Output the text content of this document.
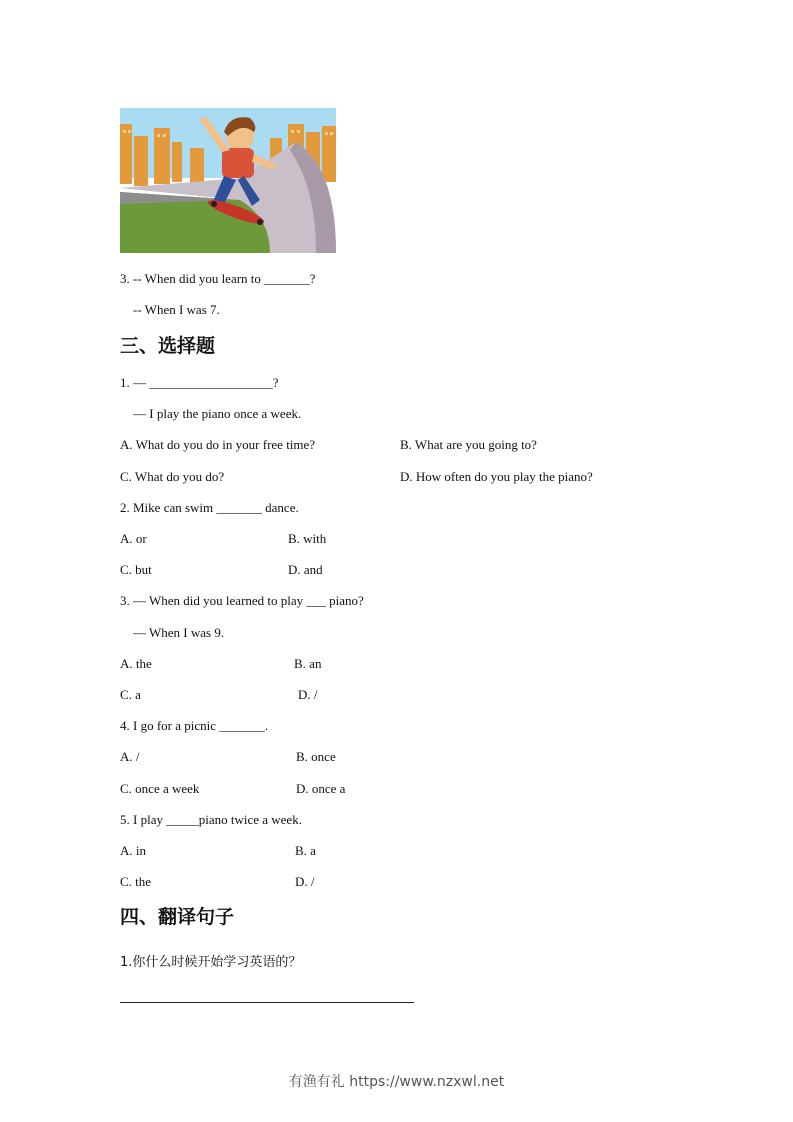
3. -- When did you learn to _______?
-- When I was 7.
三、选择题
1. — ___________________?
— I play the piano once a week.
A. What do you do in your free time?	B. What are you going to?
C. What do you do?	D. How often do you play the piano?
2. Mike can swim _______ dance.
A. or	B. with
C. but	D. and
3. — When did you learned to play ___ piano?
— When I was 9.
A. the	B. an
C. a	D. /
4. I go for a picnic _______.
A. /	B. once
C. once a week	D. once a
5. I play _____piano twice a week.
A. in	B. a
C. the	D. /
四、翻译句子
1.你什么时候开始学习英语的？
有渔有礼 https://www.nzxwl.net
